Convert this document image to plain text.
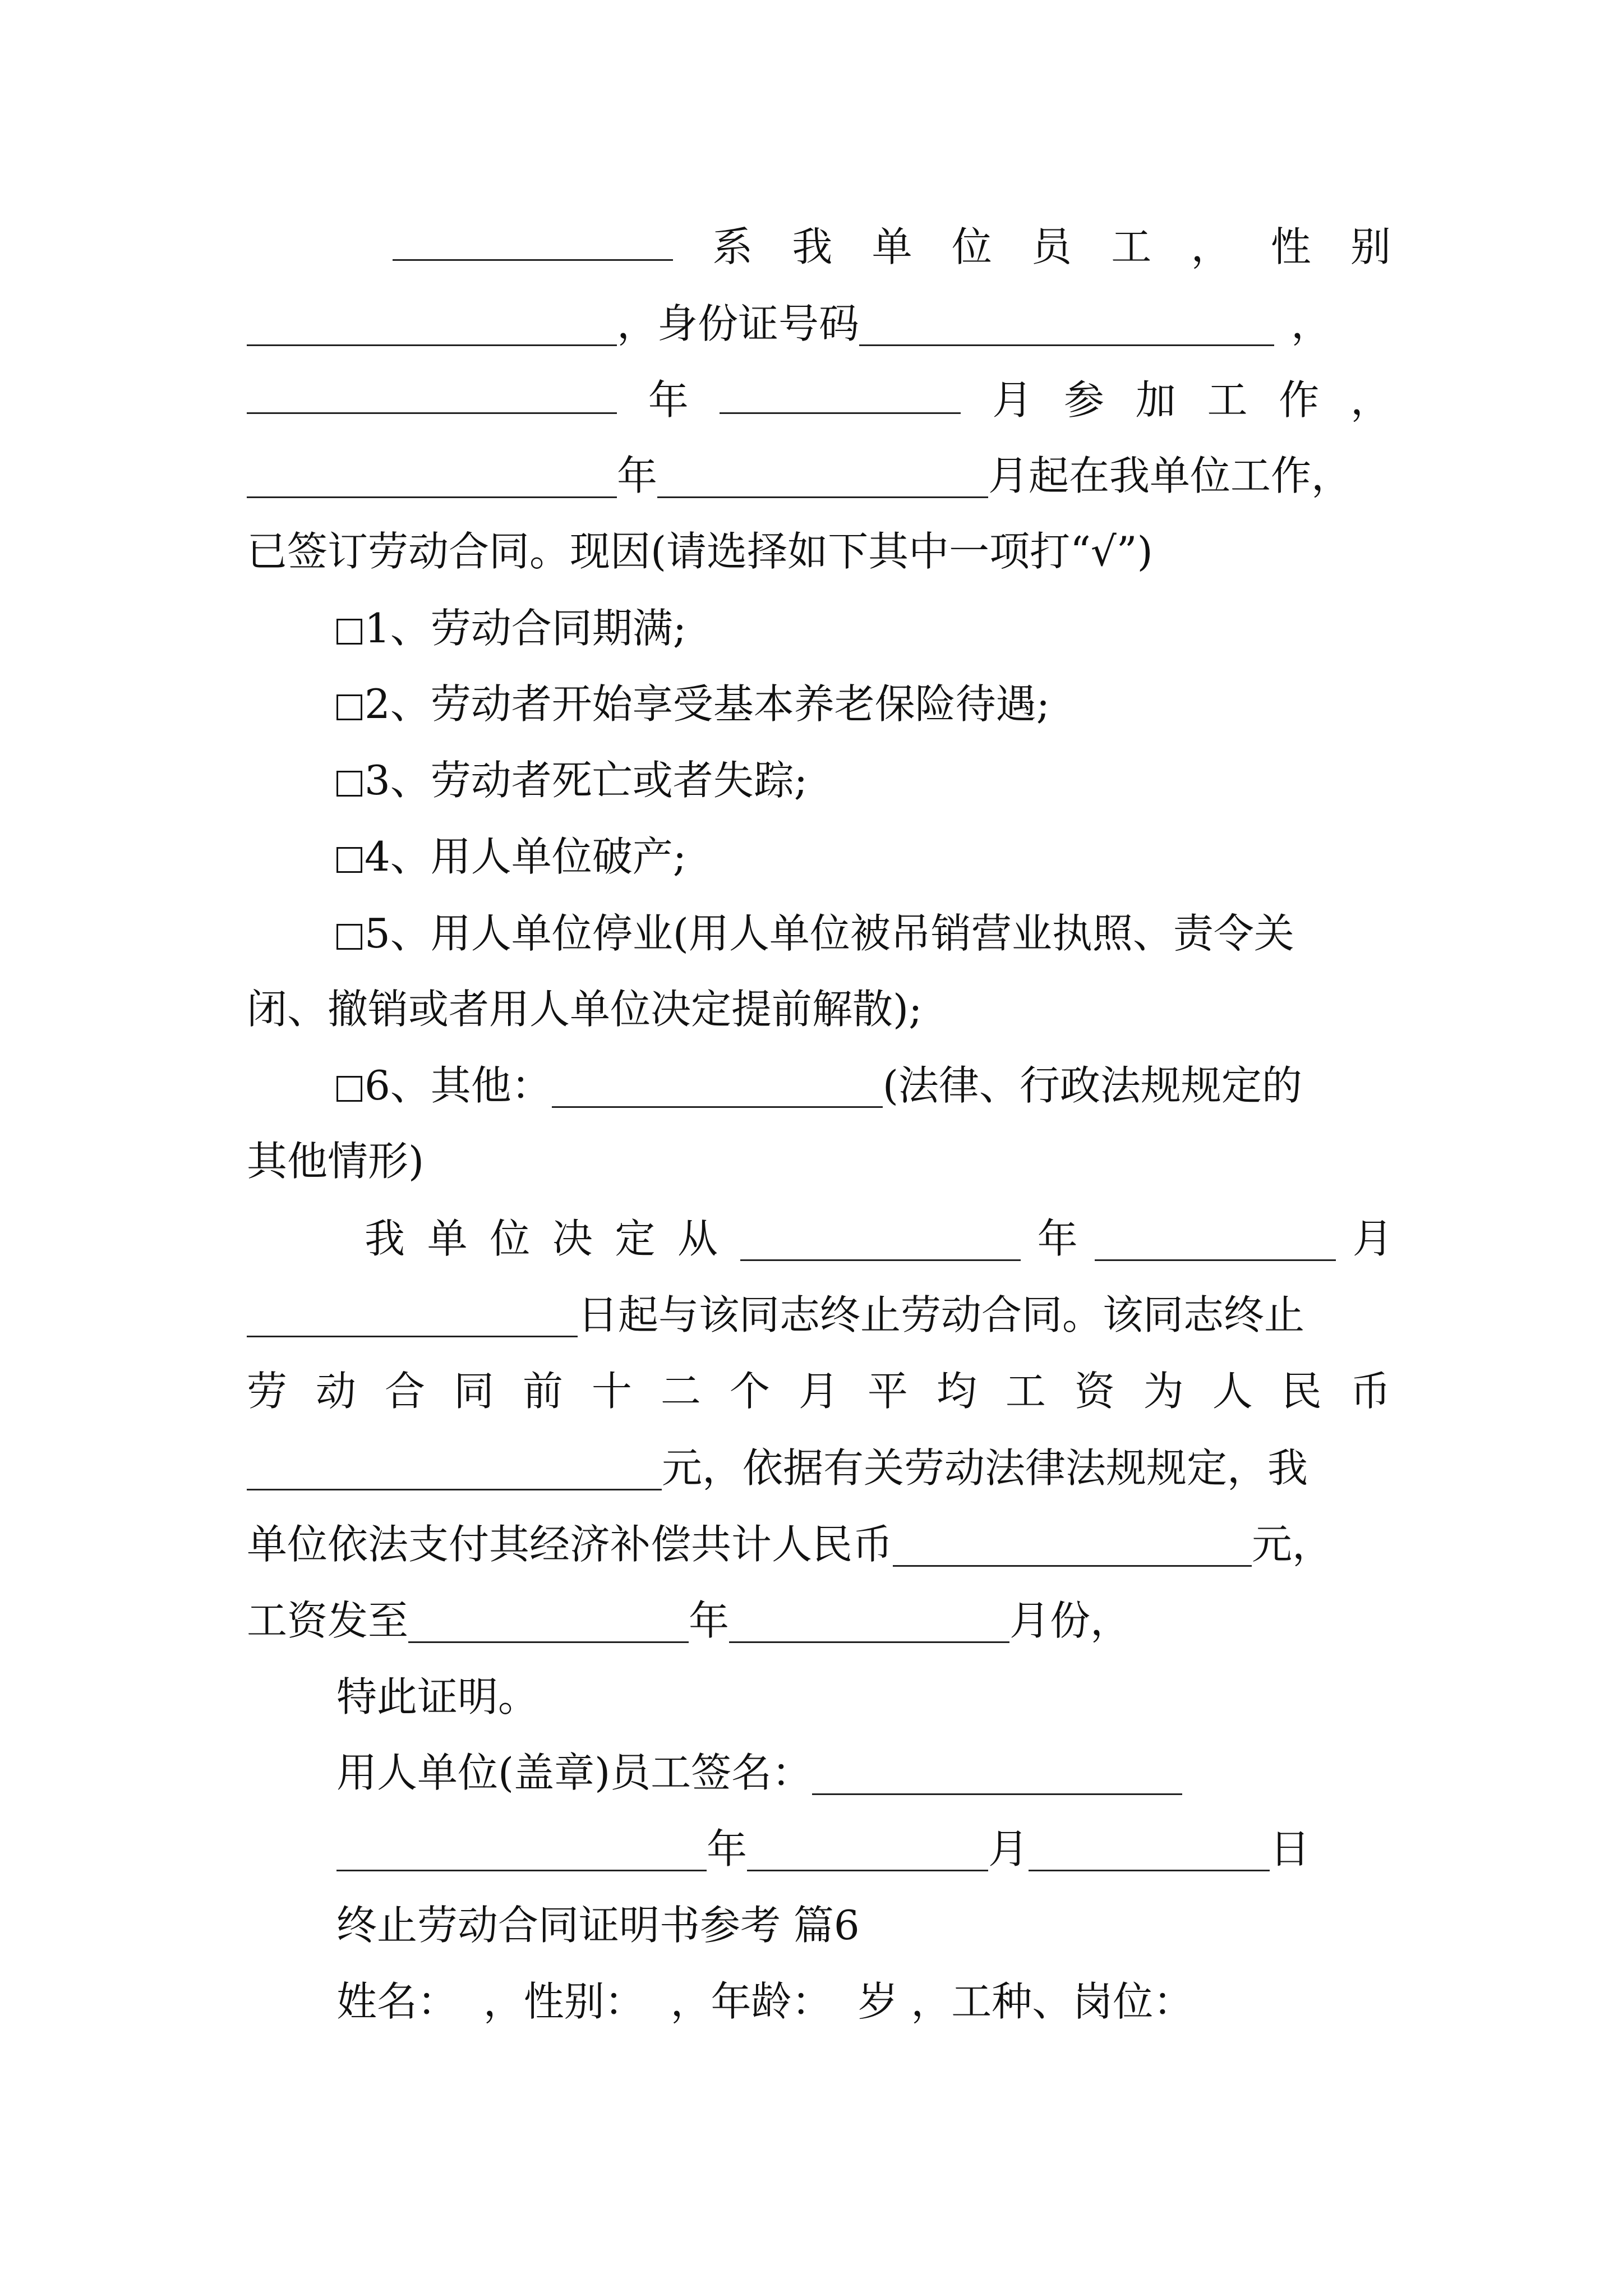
系 我 单 位 员 工 ， 性 别
，身份证号码	，
年	月 参 加 工 作 ，
年	月起在我单位工作，
已签订劳动合同。现因(请选择如下其中一项打“√”)
1、劳动合同期满;
2、劳动者开始享受基本养老保险待遇;
3、劳动者死亡或者失踪;
4、用人单位破产;
5、用人单位停业(用人单位被吊销营业执照、责令关
闭、撤销或者用人单位决定提前解散);
6、其他：	(法律、行政法规规定的
其他情形)
我单位决定从	年	月
日起与该同志终止劳动合同。该同志终止
劳 动 合 同 前 十 二 个 月 平 均 工 资 为 人 民 币
元，依据有关劳动法律法规规定，我
单位依法支付其经济补偿共计人民币	元，
工资发至	年	月份，
特此证明。
用人单位(盖章)员工签名：
年	月	日
终止劳动合同证明书参考 篇6
姓名：  ，性别：  ，年龄：  岁 ，工种、岗位：
